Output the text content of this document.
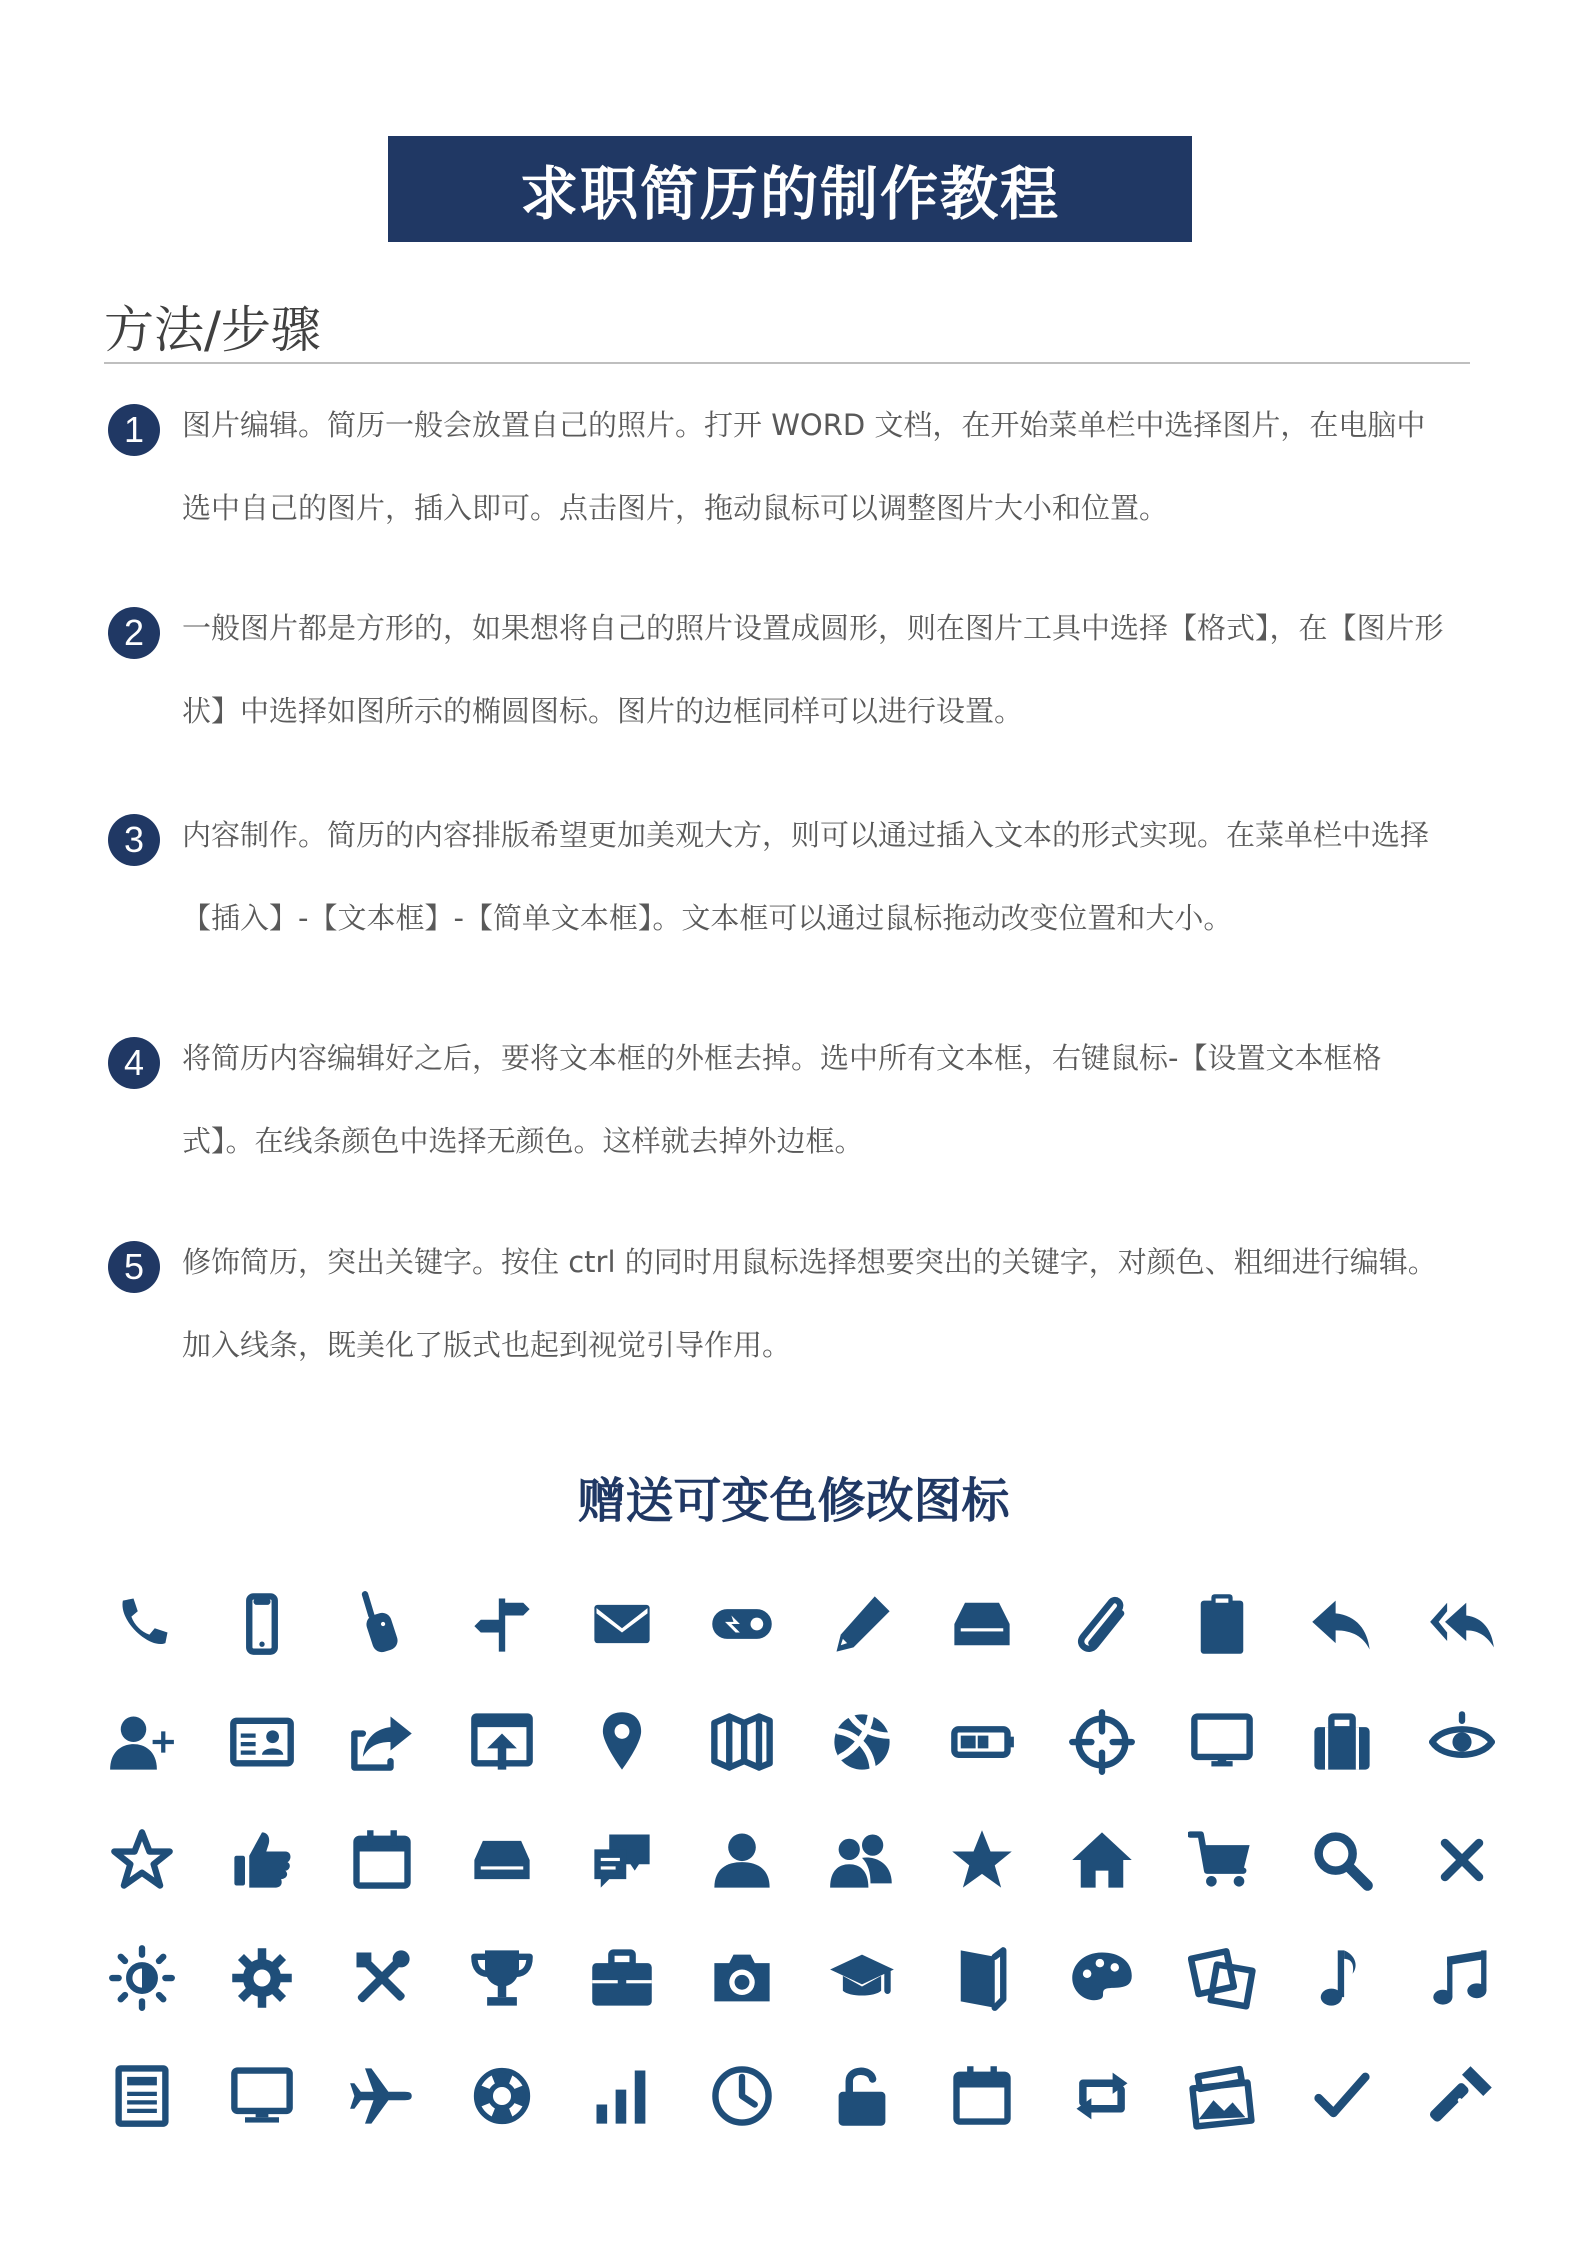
求职简历的制作教程
方法/步骤
1	图片编辑。简历一般会放置自己的照片。打开 WORD 文档，在开始菜单栏中选择图片，在电脑中选中自己的图片，插入即可。点击图片，拖动鼠标可以调整图片大小和位置。
2	一般图片都是方形的，如果想将自己的照片设置成圆形，则在图片工具中选择【格式】，在【图片形状】中选择如图所示的椭圆图标。图片的边框同样可以进行设置。
3	内容制作。简历的内容排版希望更加美观大方，则可以通过插入文本的形式实现。在菜单栏中选择【插入】-【文本框】-【简单文本框】。文本框可以通过鼠标拖动改变位置和大小。
4	将简历内容编辑好之后，要将文本框的外框去掉。选中所有文本框，右键鼠标-【设置文本框格式】。在线条颜色中选择无颜色。这样就去掉外边框。
5	修饰简历，突出关键字。按住 ctrl 的同时用鼠标选择想要突出的关键字，对颜色、粗细进行编辑。加入线条，既美化了版式也起到视觉引导作用。
赠送可变色修改图标
